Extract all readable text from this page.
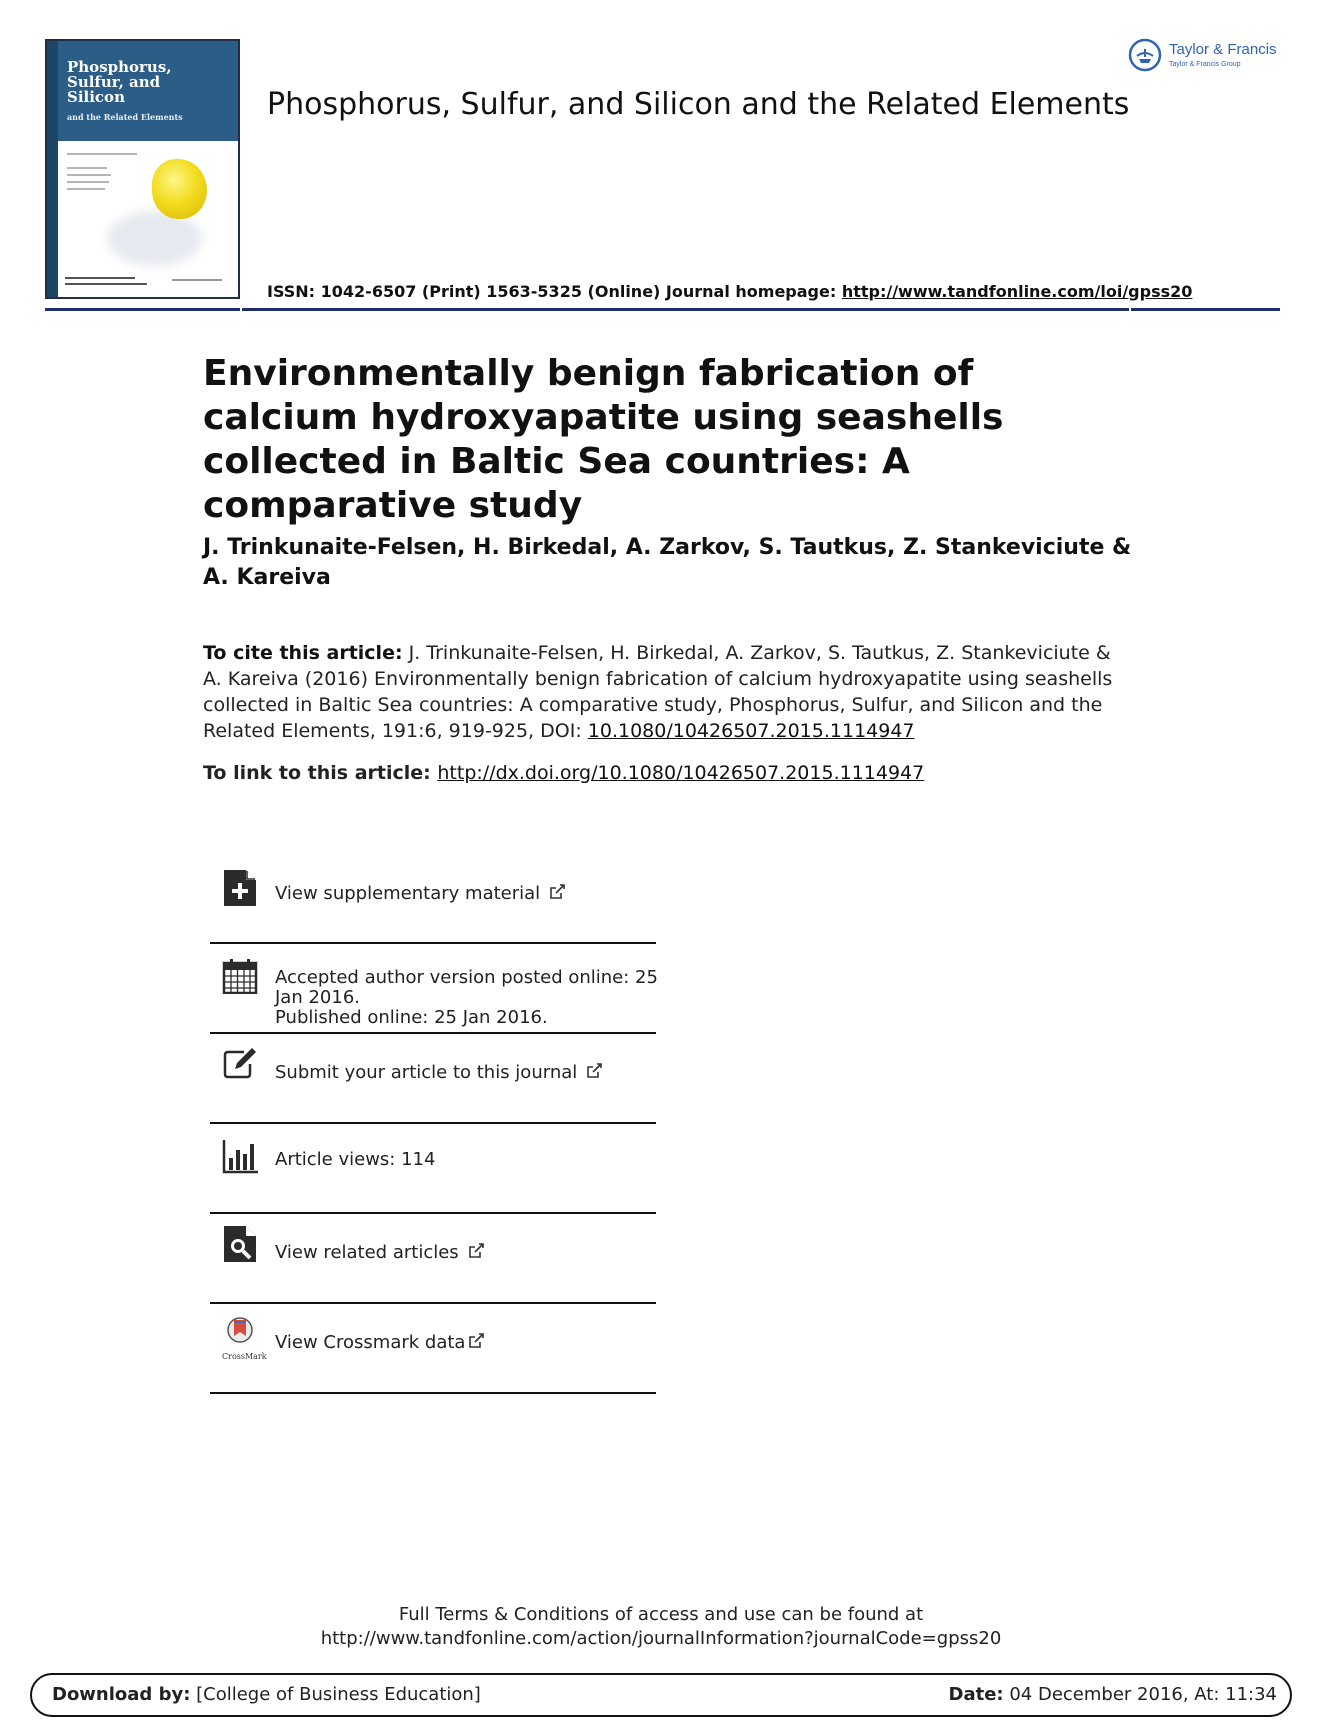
Phosphorus,
Sulfur, and
Silicon
and the Related Elements
Taylor & Francis
Taylor & Francis Group
Phosphorus, Sulfur, and Silicon and the Related Elements
ISSN: 1042-6507 (Print) 1563-5325 (Online) Journal homepage: http://www.tandfonline.com/loi/gpss20
Environmentally benign fabrication of calcium hydroxyapatite using seashells collected in Baltic Sea countries: A comparative study
J. Trinkunaite-Felsen, H. Birkedal, A. Zarkov, S. Tautkus, Z. Stankeviciute & A. Kareiva
To cite this article: J. Trinkunaite-Felsen, H. Birkedal, A. Zarkov, S. Tautkus, Z. Stankeviciute & A. Kareiva (2016) Environmentally benign fabrication of calcium hydroxyapatite using seashells collected in Baltic Sea countries: A comparative study, Phosphorus, Sulfur, and Silicon and the Related Elements, 191:6, 919-925, DOI: 10.1080/10426507.2015.1114947
To link to this article: http://dx.doi.org/10.1080/10426507.2015.1114947
View supplementary material
Accepted author version posted online: 25
Jan 2016.
Published online: 25 Jan 2016.
Submit your article to this journal
Article views: 114
View related articles
CrossMark
View Crossmark data
Full Terms & Conditions of access and use can be found at
http://www.tandfonline.com/action/journalInformation?journalCode=gpss20
Download by: [College of Business Education]	Date: 04 December 2016, At: 11:34
